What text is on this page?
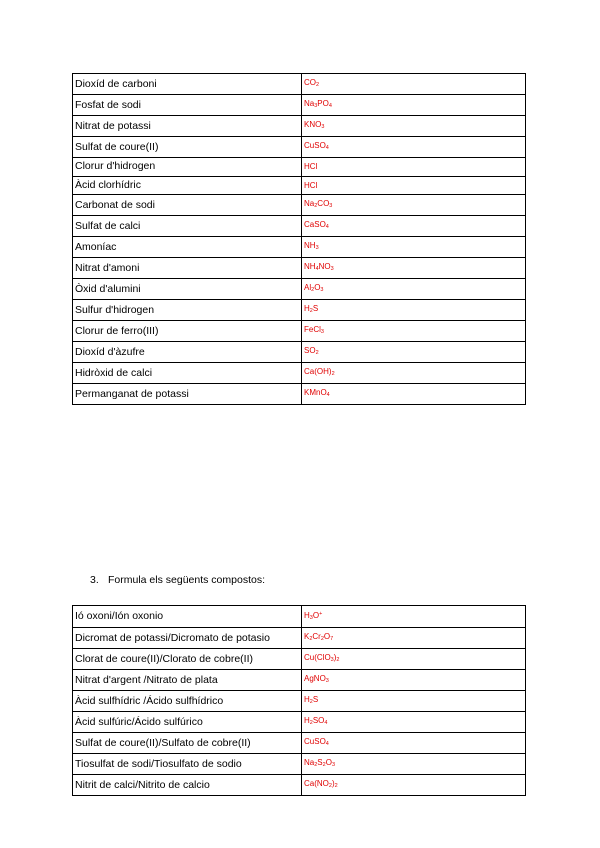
Dioxíd de carboni	$CO_2$
Fosfat de sodi	$Na_3PO_4$
Nitrat de potassi	$KNO_3$
Sulfat de coure(II)	CuSO$_4$
Clorur d'hidrogen	HCl
Àcid clorhídric	HCl
Carbonat de sodi	$Na_2CO_3$
Sulfat de calci	CaSO$_4$
Amoníac	$NH_3$
Nitrat d'amoni	$NH_4NO_3$
Òxid d'alumini	$Al_2O_3$
Sulfur d'hidrogen	$H_2S$
Clorur de ferro(III)	FeCl$_3$
Dioxíd d'àzufre	$SO_2$
Hidròxid de calci	$Ca(OH)_2$
Permanganat de potassi	KMnO$_4$
3. Formula els següents compostos:
Ió oxoni/Ión oxonio	$H_3O^+$
Dicromat de potassi/Dicromato de potasio	$K_2Cr_2O_7$
Clorat de coure(II)/Clorato de cobre(II)	$Cu(ClO_3)_2$
Nitrat d'argent /Nitrato de plata	AgNO$_3$
Àcid sulfhídric /Ácido sulfhídrico	$H_2S$
Àcid sulfúric/Ácido sulfúrico	$H_2SO_4$
Sulfat de coure(II)/Sulfato de cobre(II)	CuSO$_4$
Tiosulfat de sodi/Tiosulfato de sodio	$Na_2S_2O_3$
Nitrit de calci/Nitrito de calcio	$Ca(NO_2)_2$
